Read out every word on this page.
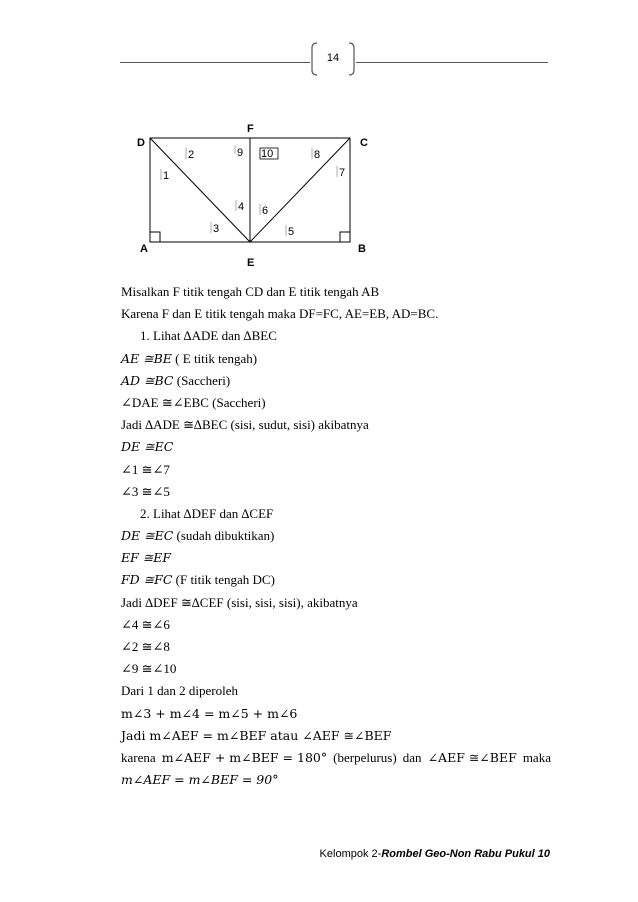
14
D
F
C
A
E
B
1
2
3
4
5
6
7
8
9 10
Misalkan F titik tengah CD dan E titik tengah AB
Karena F dan E titik tengah maka DF=FC, AE=EB, AD=BC.
1. Lihat ∆ADE dan ∆BEC
AE ≅BE ( E titik tengah)
AD ≅BC (Saccheri)
∠DAE ≅∠EBC (Saccheri)
Jadi ∆ADE ≅∆BEC (sisi, sudut, sisi) akibatnya
DE ≅EC
∠1 ≅∠7
∠3 ≅∠5
2. Lihat ∆DEF dan ∆CEF
DE ≅EC (sudah dibuktikan)
EF ≅EF
FD ≅FC (F titik tengah DC)
Jadi ∆DEF ≅∆CEF (sisi, sisi, sisi), akibatnya
∠4 ≅∠6
∠2 ≅∠8
∠9 ≅∠10
Dari 1 dan 2 diperoleh
m∠3 + m∠4 = m∠5 + m∠6
Jadi m∠AEF = m∠BEF atau ∠AEF ≅∠BEF
karena m∠AEF + m∠BEF = 180° (berpelurus) dan ∠AEF ≅∠BEF maka
m∠AEF = m∠BEF = 90°
Kelompok 2-Rombel Geo-Non Rabu Pukul 10
